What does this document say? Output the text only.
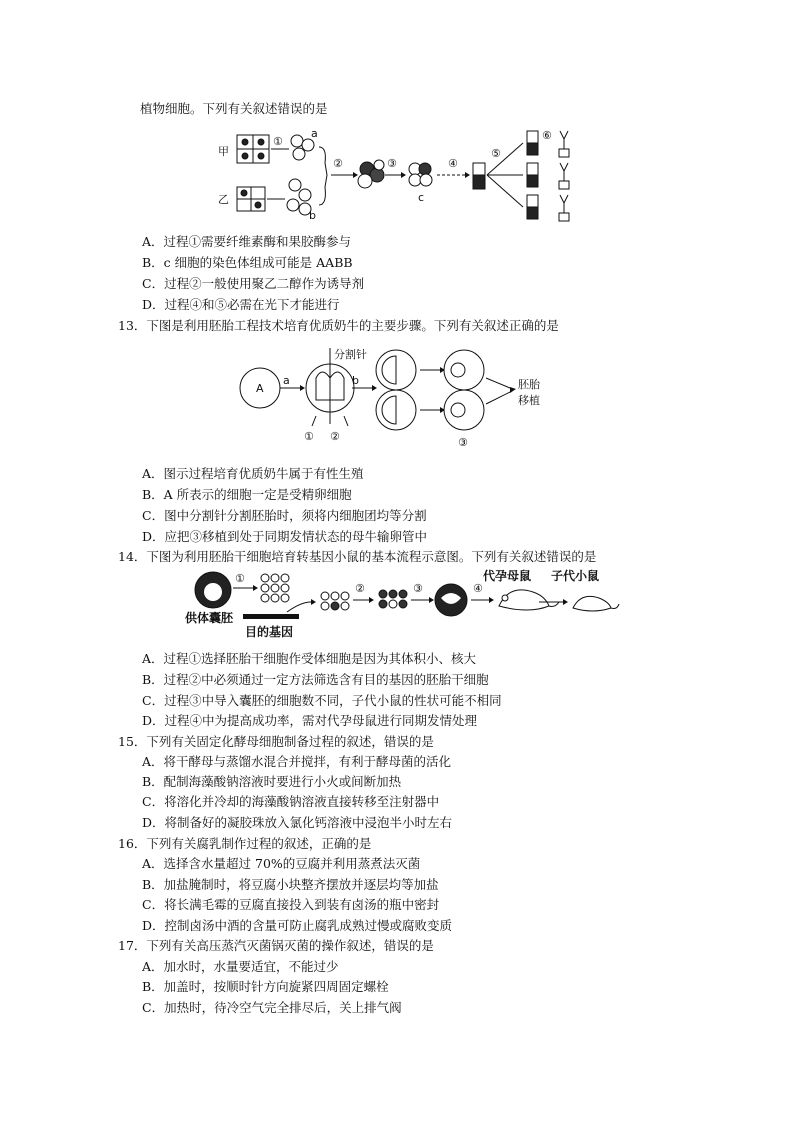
植物细胞。下列有关叙述错误的是
甲
乙
①
a
b
②	③
c
④
⑤
⑥
A．过程①需要纤维素酶和果胶酶参与
B．c 细胞的染色体组成可能是 AABB
C．过程②一般使用聚乙二醇作为诱导剂
D．过程④和⑤必需在光下才能进行
13．下图是利用胚胎工程技术培育优质奶牛的主要步骤。下列有关叙述正确的是
A
a
分割针
① ②
b
③
胚胎
移植
A．图示过程培育优质奶牛属于有性生殖
B．A 所表示的细胞一定是受精卵细胞
C．图中分割针分割胚胎时，须将内细胞团均等分割
D．应把③移植到处于同期发情状态的母牛输卵管中
14．下图为利用胚胎干细胞培育转基因小鼠的基本流程示意图。下列有关叙述错误的是
供体囊胚
①
目的基因
②	③	④
代孕母鼠 子代小鼠
A．过程①选择胚胎干细胞作受体细胞是因为其体积小、核大
B．过程②中必须通过一定方法筛选含有目的基因的胚胎干细胞
C．过程③中导入囊胚的细胞数不同，子代小鼠的性状可能不相同
D．过程④中为提高成功率，需对代孕母鼠进行同期发情处理
15．下列有关固定化酵母细胞制备过程的叙述，错误的是
A．将干酵母与蒸馏水混合并搅拌，有利于酵母菌的活化
B．配制海藻酸钠溶液时要进行小火或间断加热
C．将溶化并冷却的海藻酸钠溶液直接转移至注射器中
D．将制备好的凝胶珠放入氯化钙溶液中浸泡半小时左右
16．下列有关腐乳制作过程的叙述，正确的是
A．选择含水量超过 70%的豆腐并利用蒸煮法灭菌
B．加盐腌制时，将豆腐小块整齐摆放并逐层均等加盐
C．将长满毛霉的豆腐直接投入到装有卤汤的瓶中密封
D．控制卤汤中酒的含量可防止腐乳成熟过慢或腐败变质
17．下列有关高压蒸汽灭菌锅灭菌的操作叙述，错误的是
A．加水时，水量要适宜，不能过少
B．加盖时，按顺时针方向旋紧四周固定螺栓
C．加热时，待冷空气完全排尽后，关上排气阀
